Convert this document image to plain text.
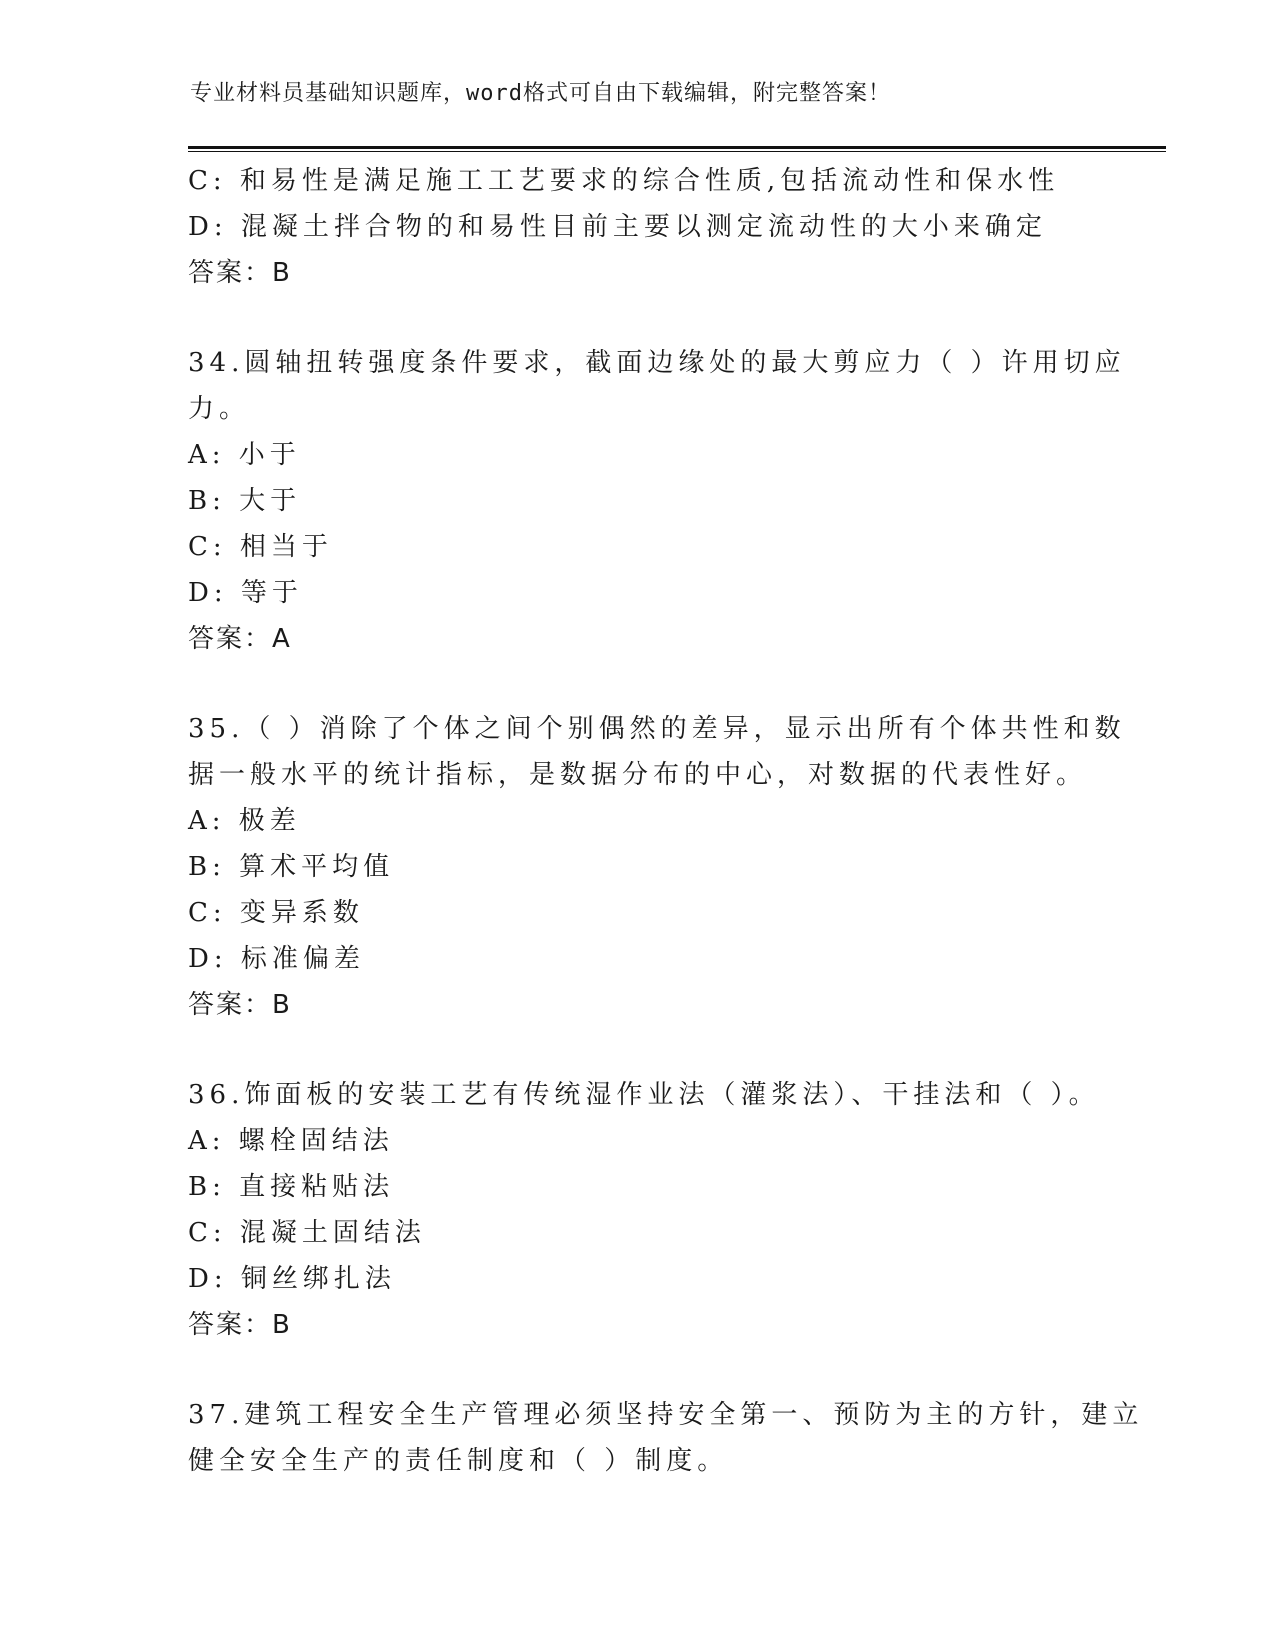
专业材料员基础知识题库，word格式可自由下载编辑，附完整答案！
C: 和易性是满足施工工艺要求的综合性质,包括流动性和保水性
D: 混凝土拌合物的和易性目前主要以测定流动性的大小来确定
答案：B
34.圆轴扭转强度条件要求，截面边缘处的最大剪应力（ ）许用切应
力。
A: 小于
B: 大于
C: 相当于
D: 等于
答案：A
35.（ ）消除了个体之间个别偶然的差异，显示出所有个体共性和数
据一般水平的统计指标，是数据分布的中心，对数据的代表性好。
A: 极差
B: 算术平均值
C: 变异系数
D: 标准偏差
答案：B
36.饰面板的安装工艺有传统湿作业法（灌浆法）、干挂法和（ ）。
A: 螺栓固结法
B: 直接粘贴法
C: 混凝土固结法
D: 铜丝绑扎法
答案：B
37.建筑工程安全生产管理必须坚持安全第一、预防为主的方针，建立
健全安全生产的责任制度和（ ）制度。
